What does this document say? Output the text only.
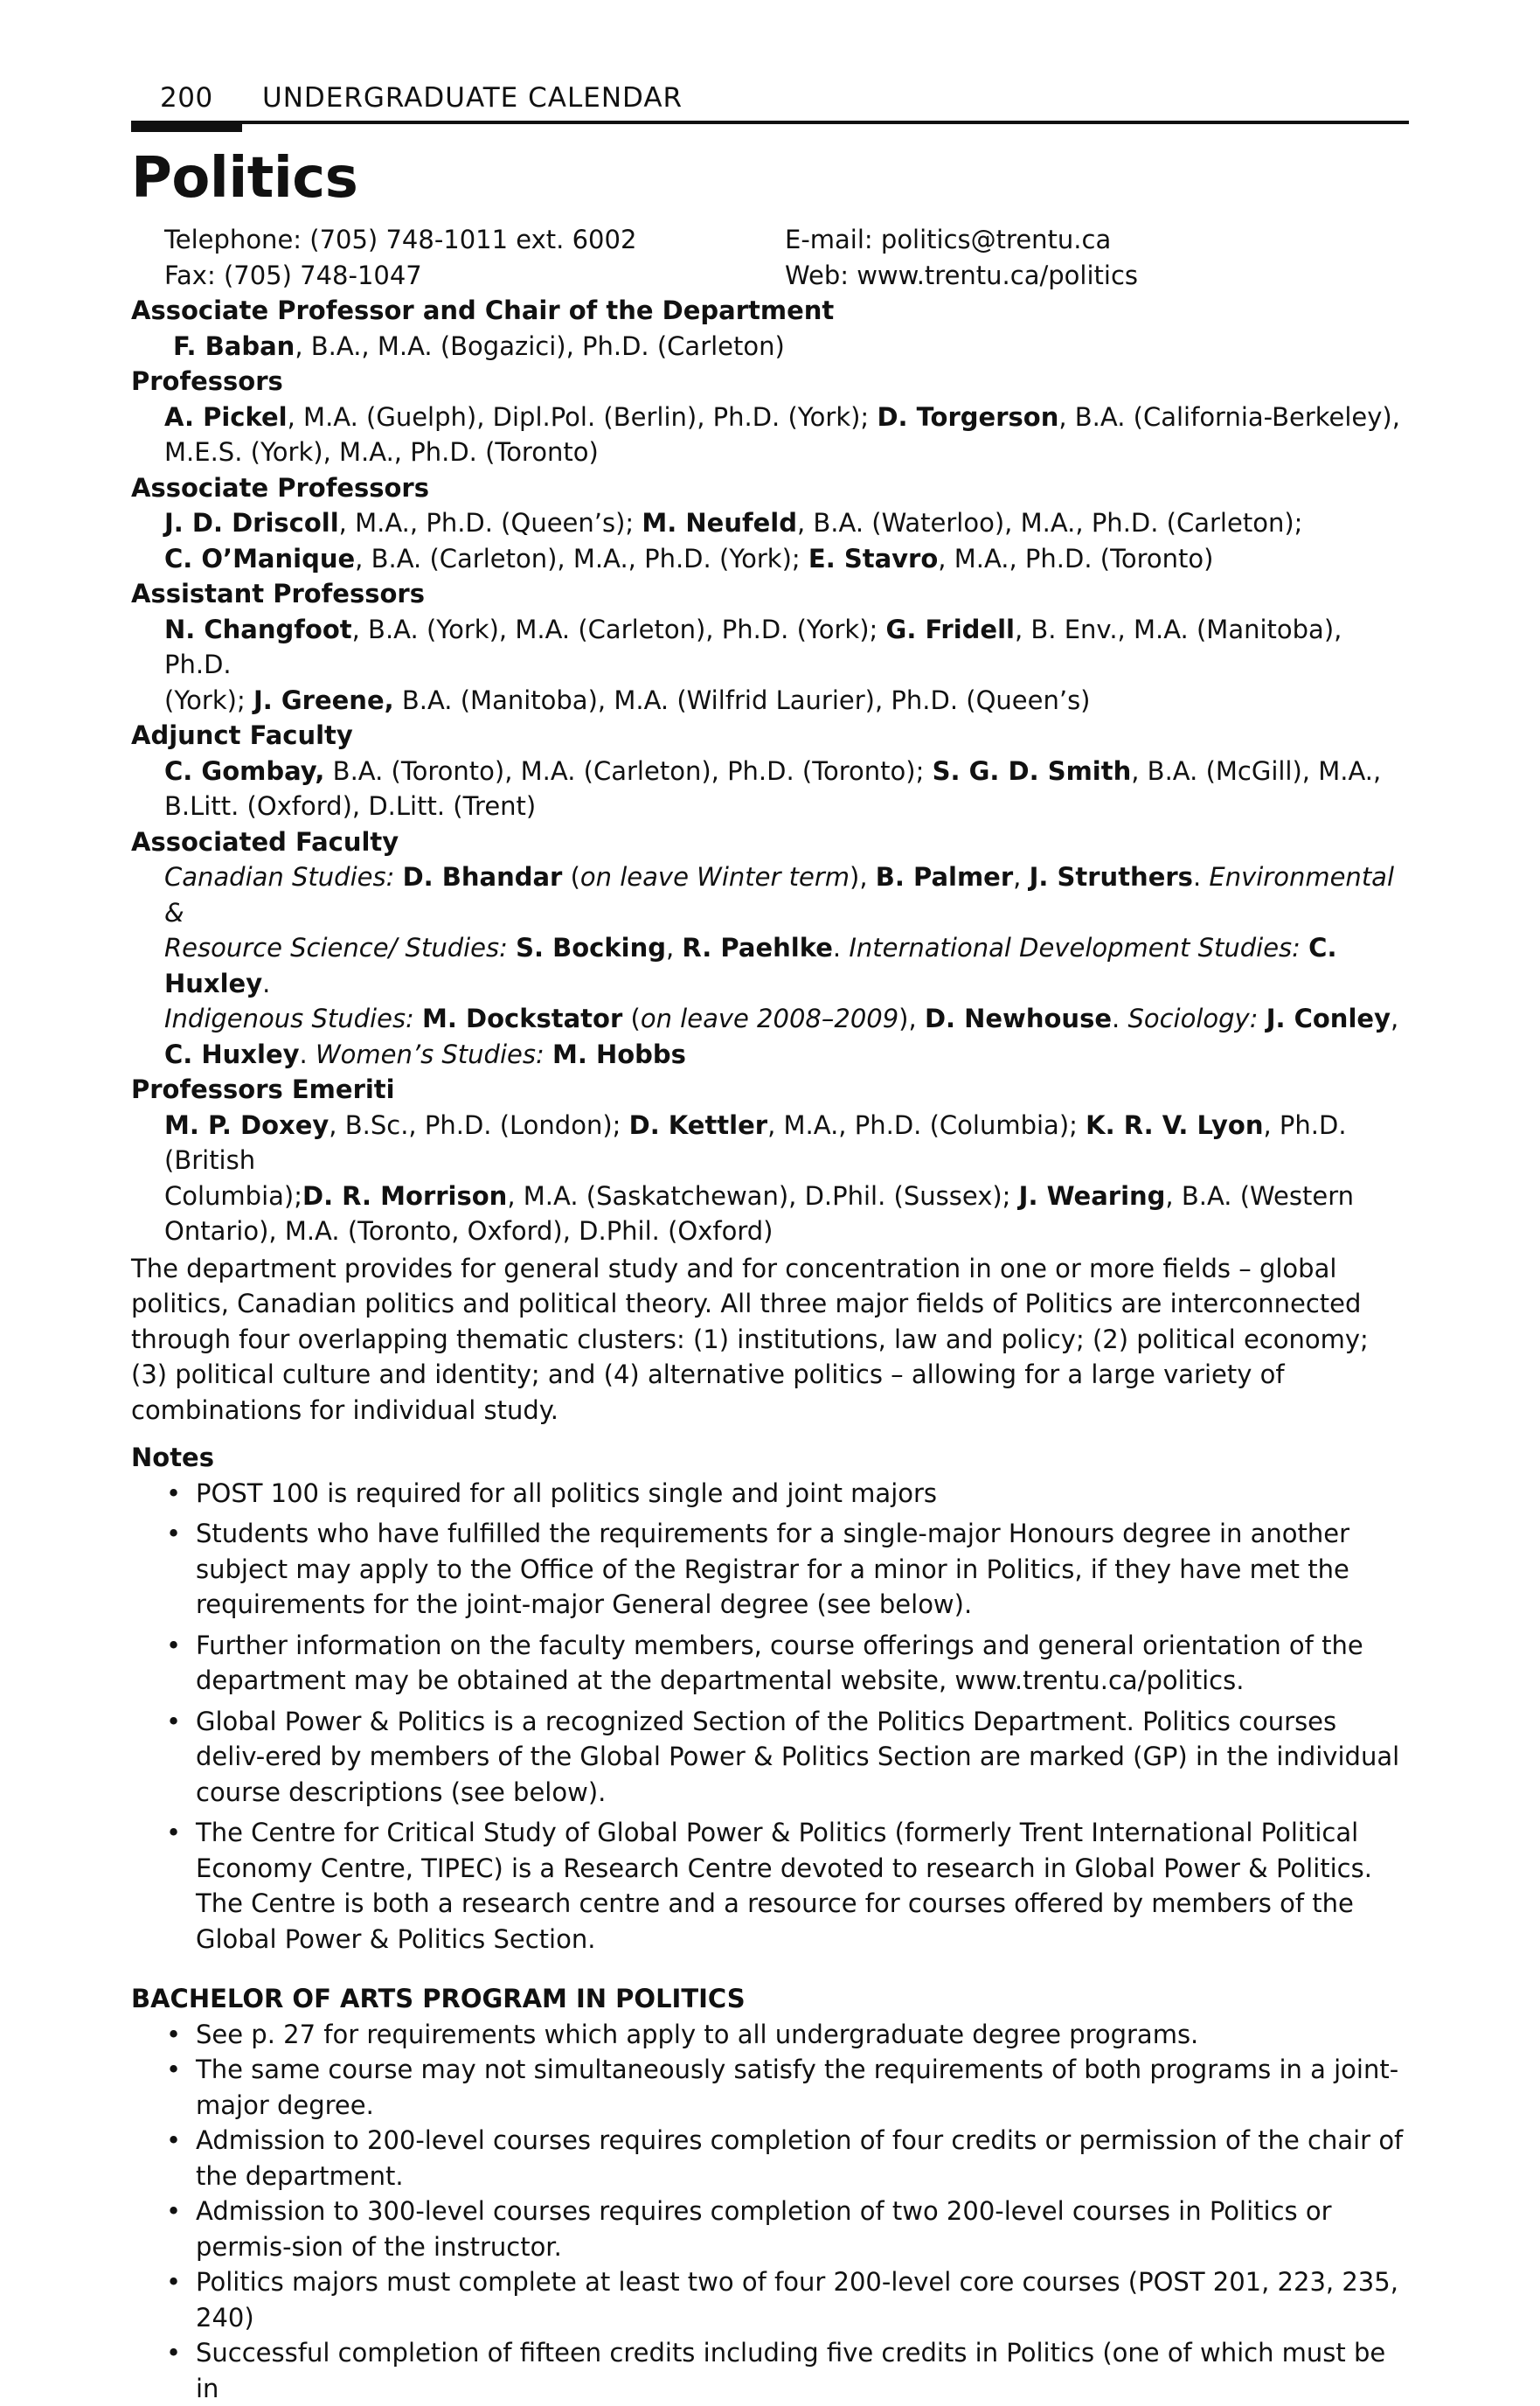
200 UNDERGRADUATE CALENDAR
Politics
Telephone: (705) 748-1011 ext. 6002	E-mail: politics@trentu.ca
Fax: (705) 748-1047	Web: www.trentu.ca/politics
Associate Professor and Chair of the Department
F. Baban, B.A., M.A. (Bogazici), Ph.D. (Carleton)
Professors
A. Pickel, M.A. (Guelph), Dipl.Pol. (Berlin), Ph.D. (York); D. Torgerson, B.A. (California-Berkeley),
M.E.S. (York), M.A., Ph.D. (Toronto)
Associate Professors
J. D. Driscoll, M.A., Ph.D. (Queen’s); M. Neufeld, B.A. (Waterloo), M.A., Ph.D. (Carleton);
C. O’Manique, B.A. (Carleton), M.A., Ph.D. (York); E. Stavro, M.A., Ph.D. (Toronto)
Assistant Professors
N. Changfoot, B.A. (York), M.A. (Carleton), Ph.D. (York); G. Fridell, B. Env., M.A. (Manitoba), Ph.D.
(York); J. Greene, B.A. (Manitoba), M.A. (Wilfrid Laurier), Ph.D. (Queen’s)
Adjunct Faculty
C. Gombay, B.A. (Toronto), M.A. (Carleton), Ph.D. (Toronto); S. G. D. Smith, B.A. (McGill), M.A.,
B.Litt. (Oxford), D.Litt. (Trent)
Associated Faculty
Canadian Studies: D. Bhandar (on leave Winter term), B. Palmer, J. Struthers. Environmental &
Resource Science/ Studies: S. Bocking, R. Paehlke. International Development Studies: C. Huxley.
Indigenous Studies: M. Dockstator (on leave 2008–2009), D. Newhouse. Sociology: J. Conley,
C. Huxley. Women’s Studies: M. Hobbs
Professors Emeriti
M. P. Doxey, B.Sc., Ph.D. (London); D. Kettler, M.A., Ph.D. (Columbia); K. R. V. Lyon, Ph.D. (British
Columbia);D. R. Morrison, M.A. (Saskatchewan), D.Phil. (Sussex); J. Wearing, B.A. (Western
Ontario), M.A. (Toronto, Oxford), D.Phil. (Oxford)
The department provides for general study and for concentration in one or more fields – global politics, Canadian politics and political theory. All three major fields of Politics are interconnected through four overlapping thematic clusters: (1) institutions, law and policy; (2) political economy; (3) political culture and identity; and (4) alternative politics – allowing for a large variety of combinations for individual study.
Notes
• POST 100 is required for all politics single and joint majors
• Students who have fulfilled the requirements for a single-major Honours degree in another subject may apply to the Office of the Registrar for a minor in Politics, if they have met the requirements for the joint-major General degree (see below).
• Further information on the faculty members, course offerings and general orientation of the department may be obtained at the departmental website, www.trentu.ca/politics.
• Global Power & Politics is a recognized Section of the Politics Department. Politics courses deliv-ered by members of the Global Power & Politics Section are marked (GP) in the individual course descriptions (see below).
• The Centre for Critical Study of Global Power & Politics (formerly Trent International Political Economy Centre, TIPEC) is a Research Centre devoted to research in Global Power & Politics. The Centre is both a research centre and a resource for courses offered by members of the Global Power & Politics Section.
BACHELOR OF ARTS PROGRAM IN POLITICS
• See p. 27 for requirements which apply to all undergraduate degree programs.
• The same course may not simultaneously satisfy the requirements of both programs in a joint-major degree.
• Admission to 200-level courses requires completion of four credits or permission of the chair of the department.
• Admission to 300-level courses requires completion of two 200-level courses in Politics or permis-sion of the instructor.
• Politics majors must complete at least two of four 200-level core courses (POST 201, 223, 235, 240)
• Successful completion of fifteen credits including five credits in Politics (one of which must be in
